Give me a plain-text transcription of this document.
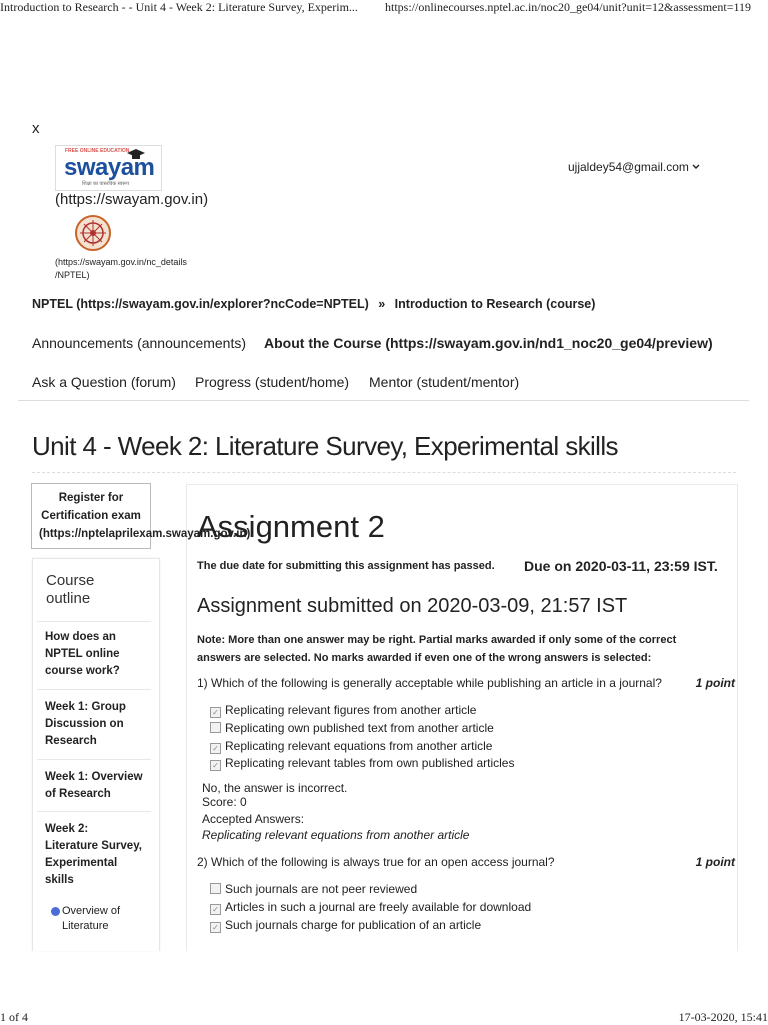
Introduction to Research - - Unit 4 - Week 2: Literature Survey, Experim... https://onlinecourses.nptel.ac.in/noc20_ge04/unit?unit=12&assessment=119
x
FREE ONLINE EDUCATION
swayam
शिक्षा का वास्तविक स्वरूप
(https://swayam.gov.in)
(https://swayam.gov.in/nc_details
/NPTEL)
ujjaldey54@gmail.com
NPTEL (https://swayam.gov.in/explorer?ncCode=NPTEL) » Introduction to Research (course)
Announcements (announcements) About the Course (https://swayam.gov.in/nd1_noc20_ge04/preview)
Ask a Question (forum) Progress (student/home) Mentor (student/mentor)
Unit 4 - Week 2: Literature Survey, Experimental skills
Register for
Certification exam
(https://nptelaprilexam.swayam.gov.in)
Assignment 2
Course
outline
How does an
NPTEL online
course work?
Week 1: Group
Discussion on
Research
Week 1: Overview
of Research
Week 2:
Literature Survey,
Experimental
skills
Overview of
Literature
The due date for submitting this assignment has passed. Due on 2020-03-11, 23:59 IST.
Assignment submitted on 2020-03-09, 21:57 IST
Note: More than one answer may be right. Partial marks awarded if only some of the correct
answers are selected. No marks awarded if even one of the wrong answers is selected:
1) Which of the following is generally acceptable while publishing an article in a journal?	1 point
✓ Replicating relevant figures from another article
Replicating own published text from another article
✓ Replicating relevant equations from another article
✓ Replicating relevant tables from own published articles
No, the answer is incorrect.
Score: 0
Accepted Answers:
Replicating relevant equations from another article
2) Which of the following is always true for an open access journal?	1 point
Such journals are not peer reviewed
✓ Articles in such a journal are freely available for download
✓ Such journals charge for publication of an article
1 of 4	17-03-2020, 15:41
